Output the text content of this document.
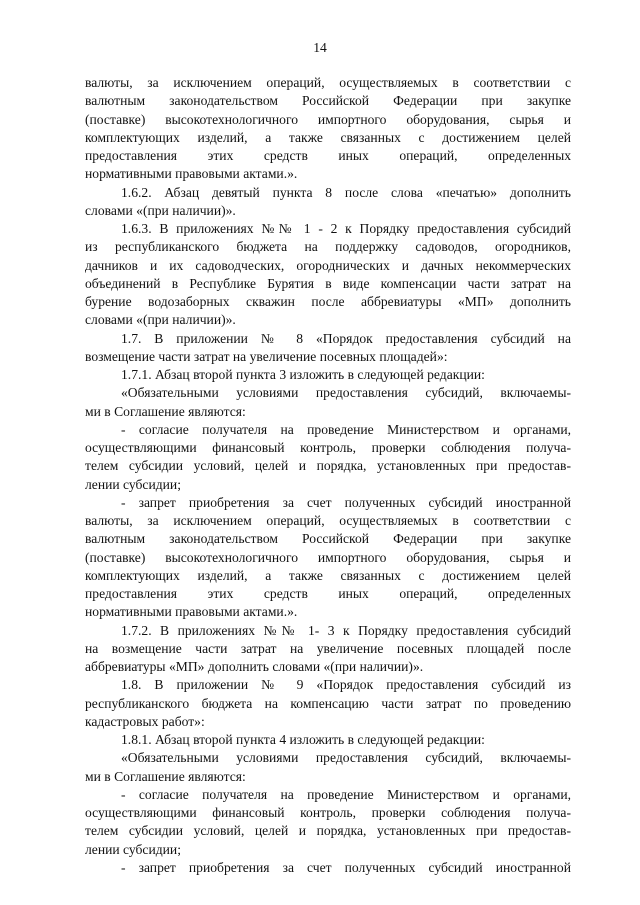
14
валюты, за исключением операций, осуществляемых в соответствии с
валютным законодательством Российской Федерации при закупке
(поставке) высокотехнологичного импортного оборудования, сырья и
комплектующих изделий, а также связанных с достижением целей
предоставления этих средств иных операций, определенных
нормативными правовыми актами.».
1.6.2. Абзац девятый пункта 8 после слова «печатью» дополнить
словами «(при наличии)».
1.6.3. В приложениях №№ 1 - 2 к Порядку предоставления субсидий
из республиканского бюджета на поддержку садоводов, огородников,
дачников и их садоводческих, огороднических и дачных некоммерческих
объединений в Республике Бурятия в виде компенсации части затрат на
бурение водозаборных скважин после аббревиатуры «МП» дополнить
словами «(при наличии)».
1.7. В приложении № 8 «Порядок предоставления субсидий на
возмещение части затрат на увеличение посевных площадей»:
1.7.1. Абзац второй пункта 3 изложить в следующей редакции:
«Обязательными условиями предоставления субсидий, включаемы-
ми в Соглашение являются:
- согласие получателя на проведение Министерством и органами,
осуществляющими финансовый контроль, проверки соблюдения получа-
телем субсидии условий, целей и порядка, установленных при предостав-
лении субсидии;
- запрет приобретения за счет полученных субсидий иностранной
валюты, за исключением операций, осуществляемых в соответствии с
валютным законодательством Российской Федерации при закупке
(поставке) высокотехнологичного импортного оборудования, сырья и
комплектующих изделий, а также связанных с достижением целей
предоставления этих средств иных операций, определенных
нормативными правовыми актами.».
1.7.2. В приложениях №№ 1- 3 к Порядку предоставления субсидий
на возмещение части затрат на увеличение посевных площадей после
аббревиатуры «МП» дополнить словами «(при наличии)».
1.8. В приложении № 9 «Порядок предоставления субсидий из
республиканского бюджета на компенсацию части затрат по проведению
кадастровых работ»:
1.8.1. Абзац второй пункта 4 изложить в следующей редакции:
«Обязательными условиями предоставления субсидий, включаемы-
ми в Соглашение являются:
- согласие получателя на проведение Министерством и органами,
осуществляющими финансовый контроль, проверки соблюдения получа-
телем субсидии условий, целей и порядка, установленных при предостав-
лении субсидии;
- запрет приобретения за счет полученных субсидий иностранной
